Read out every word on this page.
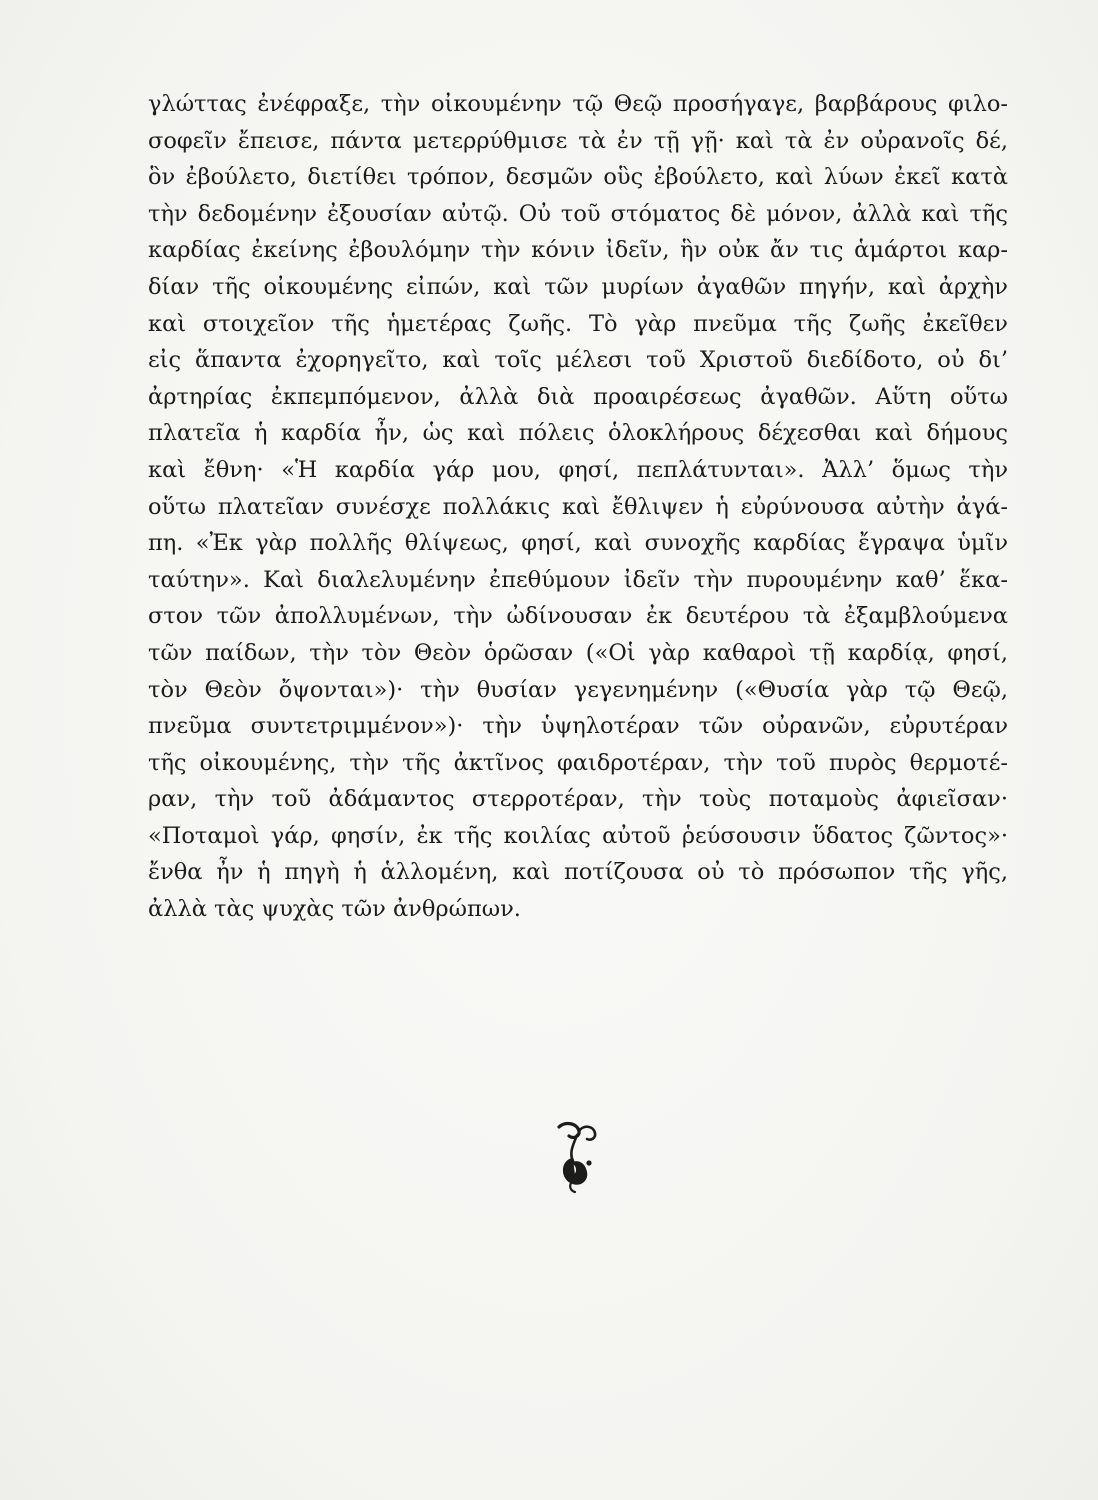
γλώττας ἐνέφραξε, τὴν οἰκουμένην τῷ Θεῷ προσήγαγε, βαρβάρους φιλο-
σοφεῖν ἔπεισε, πάντα μετερρύθμισε τὰ ἐν τῇ γῇ· καὶ τὰ ἐν οὐρανοῖς δέ,
ὃν ἐβούλετο, διετίθει τρόπον, δεσμῶν οὓς ἐβούλετο, καὶ λύων ἐκεῖ κατὰ
τὴν δεδομένην ἐξουσίαν αὐτῷ. Οὐ τοῦ στόματος δὲ μόνον, ἀλλὰ καὶ τῆς
καρδίας ἐκείνης ἐβουλόμην τὴν κόνιν ἰδεῖν, ἣν οὐκ ἄν τις ἁμάρτοι καρ-
δίαν τῆς οἰκουμένης εἰπών, καὶ τῶν μυρίων ἀγαθῶν πηγήν, καὶ ἀρχὴν
καὶ στοιχεῖον τῆς ἡμετέρας ζωῆς. Τὸ γὰρ πνεῦμα τῆς ζωῆς ἐκεῖθεν
εἰς ἅπαντα ἐχορηγεῖτο, καὶ τοῖς μέλεσι τοῦ Χριστοῦ διεδίδοτο, οὐ δι’
ἀρτηρίας ἐκπεμπόμενον, ἀλλὰ διὰ προαιρέσεως ἀγαθῶν. Αὕτη οὕτω
πλατεῖα ἡ καρδία ἦν, ὡς καὶ πόλεις ὁλοκλήρους δέχεσθαι καὶ δήμους
καὶ ἔθνη· «Ἡ καρδία γάρ μου, φησί, πεπλάτυνται». Ἀλλ’ ὅμως τὴν
οὕτω πλατεῖαν συνέσχε πολλάκις καὶ ἔθλιψεν ἡ εὐρύνουσα αὐτὴν ἀγά-
πη. «Ἐκ γὰρ πολλῆς θλίψεως, φησί, καὶ συνοχῆς καρδίας ἔγραψα ὑμῖν
ταύτην». Καὶ διαλελυμένην ἐπεθύμουν ἰδεῖν τὴν πυρουμένην καθ’ ἕκα-
στον τῶν ἀπολλυμένων, τὴν ὠδίνουσαν ἐκ δευτέρου τὰ ἐξαμβλούμενα
τῶν παίδων, τὴν τὸν Θεὸν ὁρῶσαν («Οἱ γὰρ καθαροὶ τῇ καρδίᾳ, φησί,
τὸν Θεὸν ὄψονται»)· τὴν θυσίαν γεγενημένην («Θυσία γὰρ τῷ Θεῷ,
πνεῦμα συντετριμμένον»)· τὴν ὑψηλοτέραν τῶν οὐρανῶν, εὐρυτέραν
τῆς οἰκουμένης, τὴν τῆς ἀκτῖνος φαιδροτέραν, τὴν τοῦ πυρὸς θερμοτέ-
ραν, τὴν τοῦ ἀδάμαντος στερροτέραν, τὴν τοὺς ποταμοὺς ἀφιεῖσαν·
«Ποταμοὶ γάρ, φησίν, ἐκ τῆς κοιλίας αὐτοῦ ῥεύσουσιν ὕδατος ζῶντος»·
ἔνθα ἦν ἡ πηγὴ ἡ ἁλλομένη, καὶ ποτίζουσα οὐ τὸ πρόσωπον τῆς γῆς,
ἀλλὰ τὰς ψυχὰς τῶν ἀνθρώπων.
